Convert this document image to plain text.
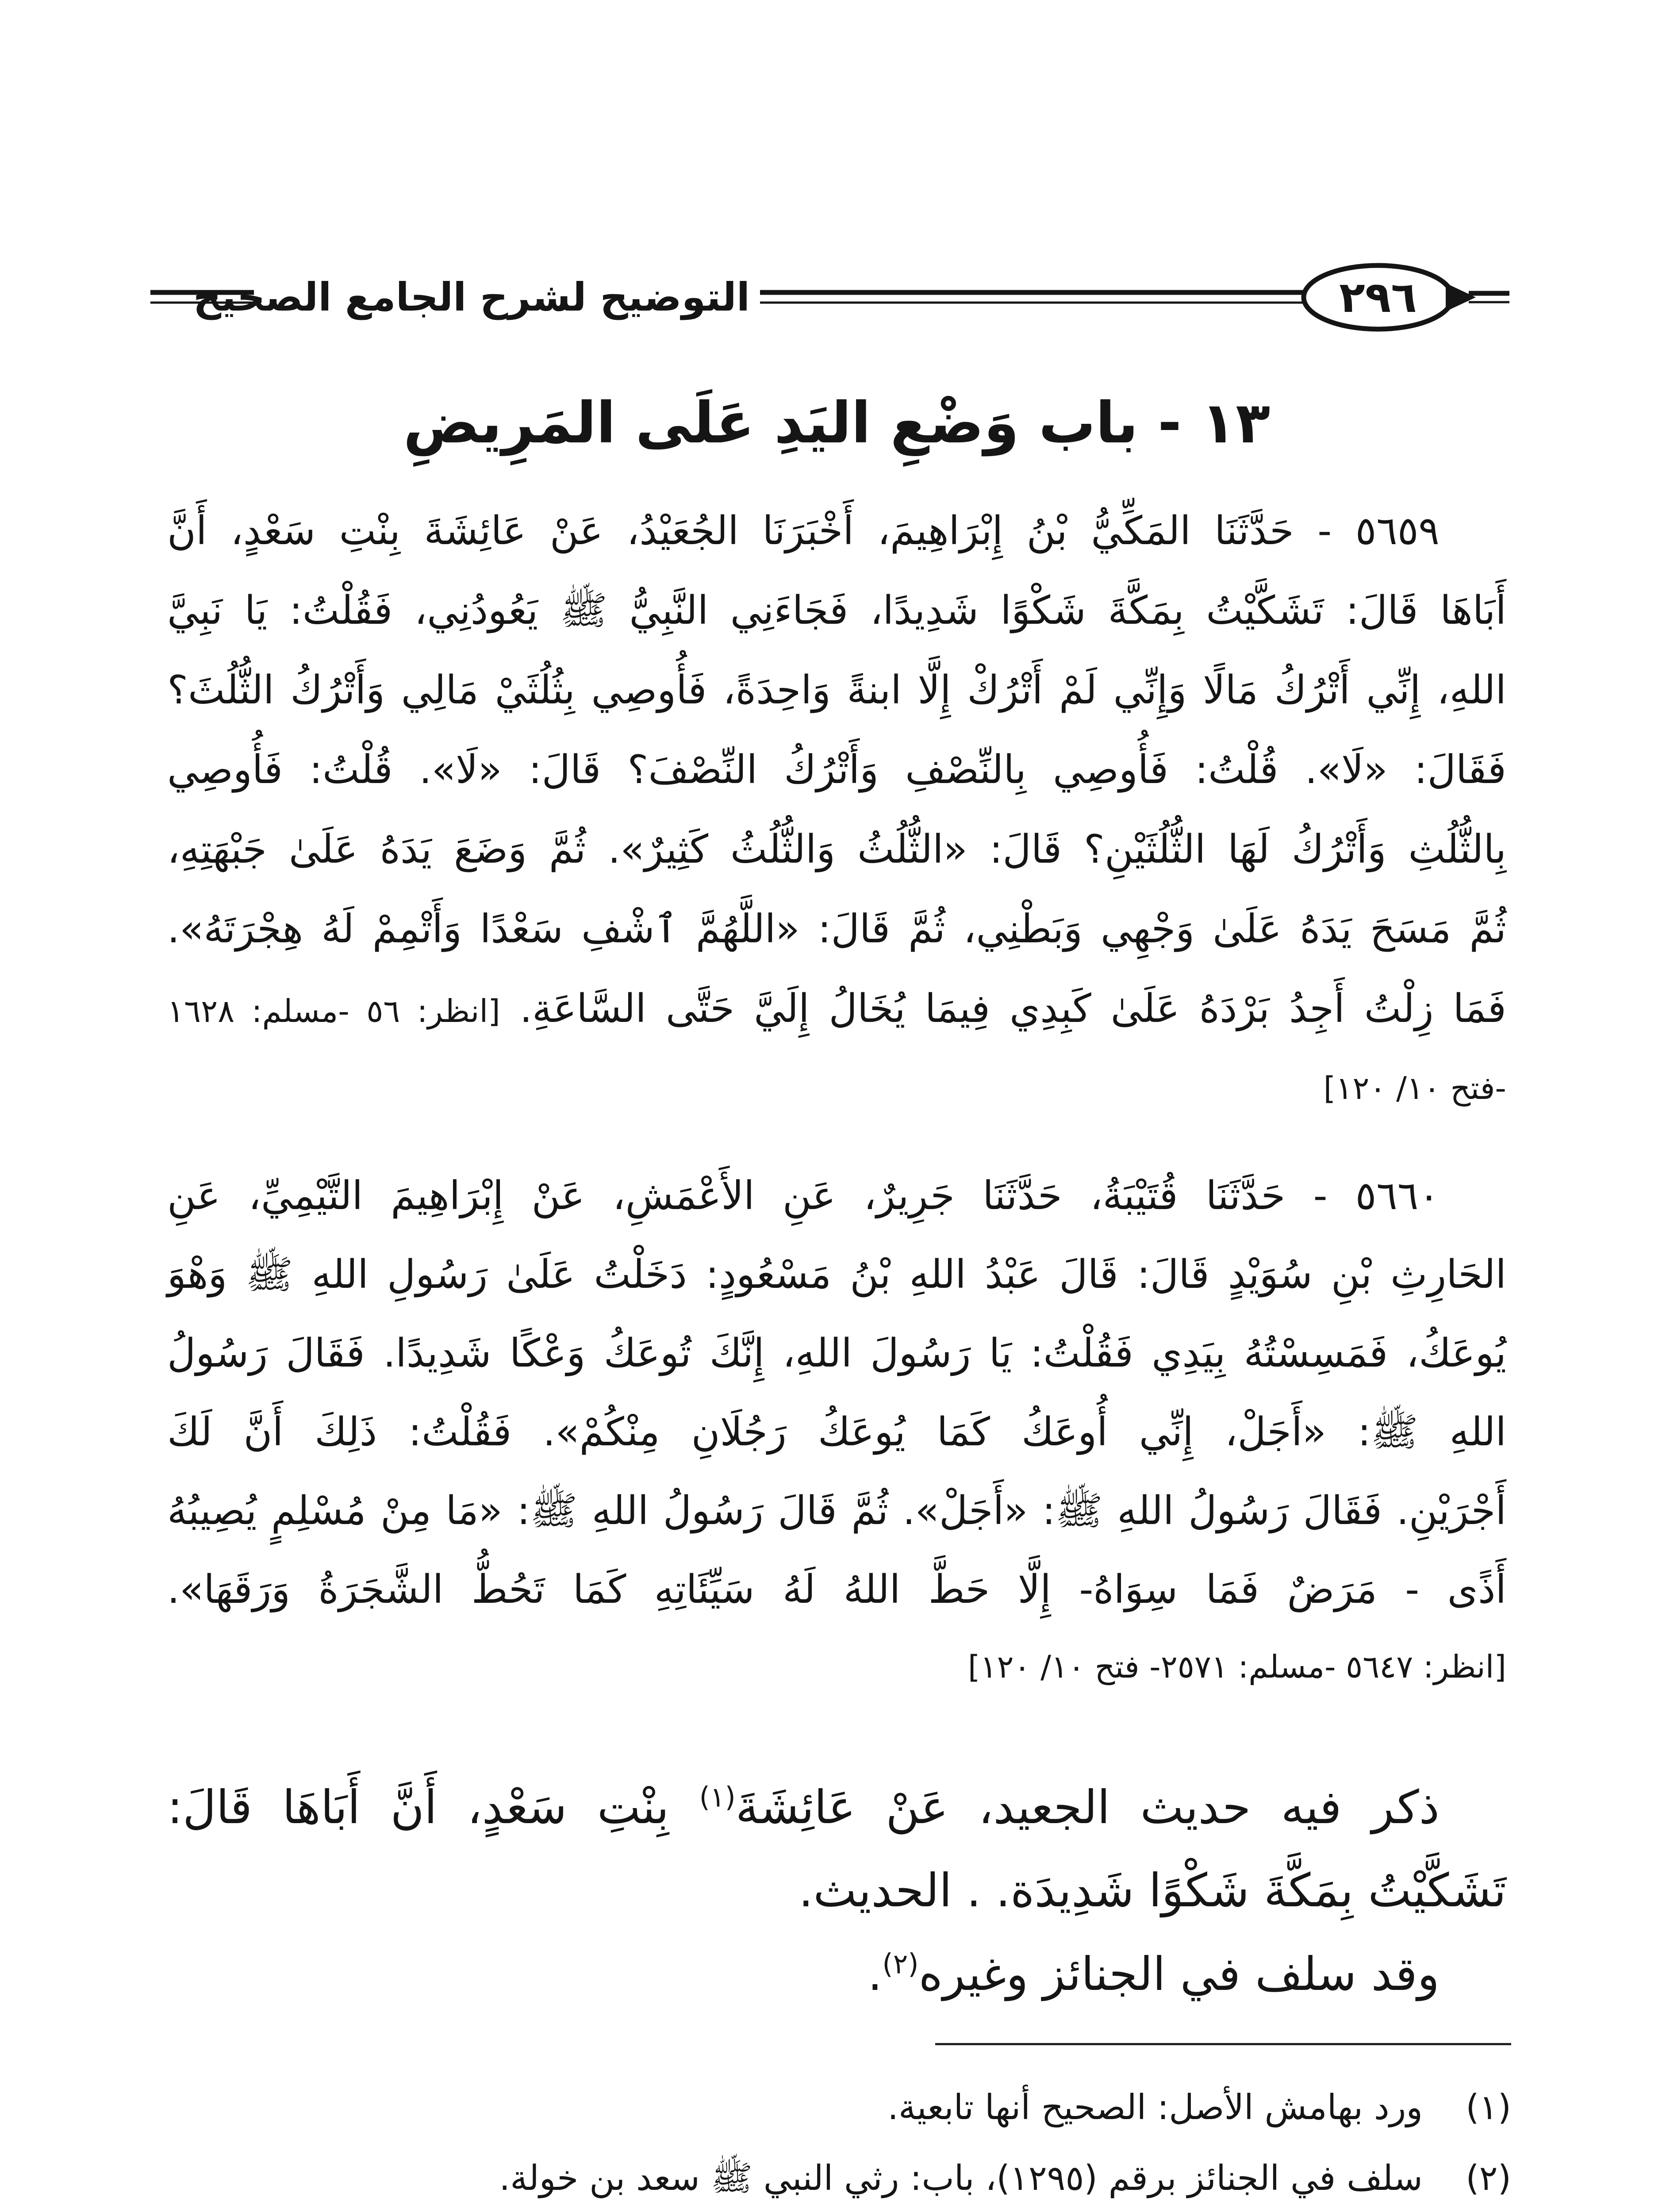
التوضيح لشرح الجامع الصحيح	٢٩٦
١٣ - باب وَضْعِ اليَدِ عَلَى المَرِيضِ
٥٦٥٩ - حَدَّثَنَا المَكِّيُّ بْنُ إِبْرَاهِيمَ، أَخْبَرَنَا الجُعَيْدُ، عَنْ عَائِشَةَ بِنْتِ سَعْدٍ، أَنَّ
أَبَاهَا قَالَ: تَشَكَّيْتُ بِمَكَّةَ شَكْوًا شَدِيدًا، فَجَاءَنِي النَّبِيُّ ﷺ يَعُودُنِي، فَقُلْتُ: يَا نَبِيَّ
اللهِ، إِنِّي أَتْرُكُ مَالًا وَإِنِّي لَمْ أَتْرُكْ إِلَّا ابنةً وَاحِدَةً، فَأُوصِي بِثُلُثَيْ مَالِي وَأَتْرُكُ الثُّلُثَ؟
فَقَالَ: «لَا». قُلْتُ: فَأُوصِي بِالنِّصْفِ وَأَتْرُكُ النِّصْفَ؟ قَالَ: «لَا». قُلْتُ: فَأُوصِي
بِالثُّلُثِ وَأَتْرُكُ لَهَا الثُّلُثَيْنِ؟ قَالَ: «الثُّلُثُ وَالثُّلُثُ كَثِيرٌ». ثُمَّ وَضَعَ يَدَهُ عَلَىٰ جَبْهَتِهِ،
ثُمَّ مَسَحَ يَدَهُ عَلَىٰ وَجْهِي وَبَطْنِي، ثُمَّ قَالَ: «اللَّهُمَّ ٱشْفِ سَعْدًا وَأَتْمِمْ لَهُ هِجْرَتَهُ».
فَمَا زِلْتُ أَجِدُ بَرْدَهُ عَلَىٰ كَبِدِي فِيمَا يُخَالُ إِلَيَّ حَتَّى السَّاعَةِ. [انظر: ٥٦ -مسلم: ١٦٢٨
-فتح ١٠/ ١٢٠]
٥٦٦٠ - حَدَّثَنَا قُتَيْبَةُ، حَدَّثَنَا جَرِيرٌ، عَنِ الأَعْمَشِ، عَنْ إِبْرَاهِيمَ التَّيْمِيِّ، عَنِ
الحَارِثِ بْنِ سُوَيْدٍ قَالَ: قَالَ عَبْدُ اللهِ بْنُ مَسْعُودٍ: دَخَلْتُ عَلَىٰ رَسُولِ اللهِ ﷺ وَهْوَ
يُوعَكُ، فَمَسِسْتُهُ بِيَدِي فَقُلْتُ: يَا رَسُولَ اللهِ، إِنَّكَ تُوعَكُ وَعْكًا شَدِيدًا. فَقَالَ رَسُولُ
اللهِ ﷺ: «أَجَلْ، إِنِّي أُوعَكُ كَمَا يُوعَكُ رَجُلَانِ مِنْكُمْ». فَقُلْتُ: ذَلِكَ أَنَّ لَكَ
أَجْرَيْنِ. فَقَالَ رَسُولُ اللهِ ﷺ: «أَجَلْ». ثُمَّ قَالَ رَسُولُ اللهِ ﷺ: «مَا مِنْ مُسْلِمٍ يُصِيبُهُ
أَذًى - مَرَضٌ فَمَا سِوَاهُ- إِلَّا حَطَّ اللهُ لَهُ سَيِّئَاتِهِ كَمَا تَحُطُّ الشَّجَرَةُ وَرَقَهَا».
[انظر: ٥٦٤٧ -مسلم: ٢٥٧١- فتح ١٠/ ١٢٠]
ذكر فيه حديث الجعيد، عَنْ عَائِشَةَ$^{(١)}$ بِنْتِ سَعْدٍ، أَنَّ أَبَاهَا قَالَ:
تَشَكَّيْتُ بِمَكَّةَ شَكْوًا شَدِيدَة. . الحديث.
وقد سلف في الجنائز وغيره$^{(٢)}$.
(١)
ورد بهامش الأصل: الصحيح أنها تابعية.
(٢)
سلف في الجنائز برقم (١٢٩٥)، باب: رثي النبي ﷺ سعد بن خولة.
